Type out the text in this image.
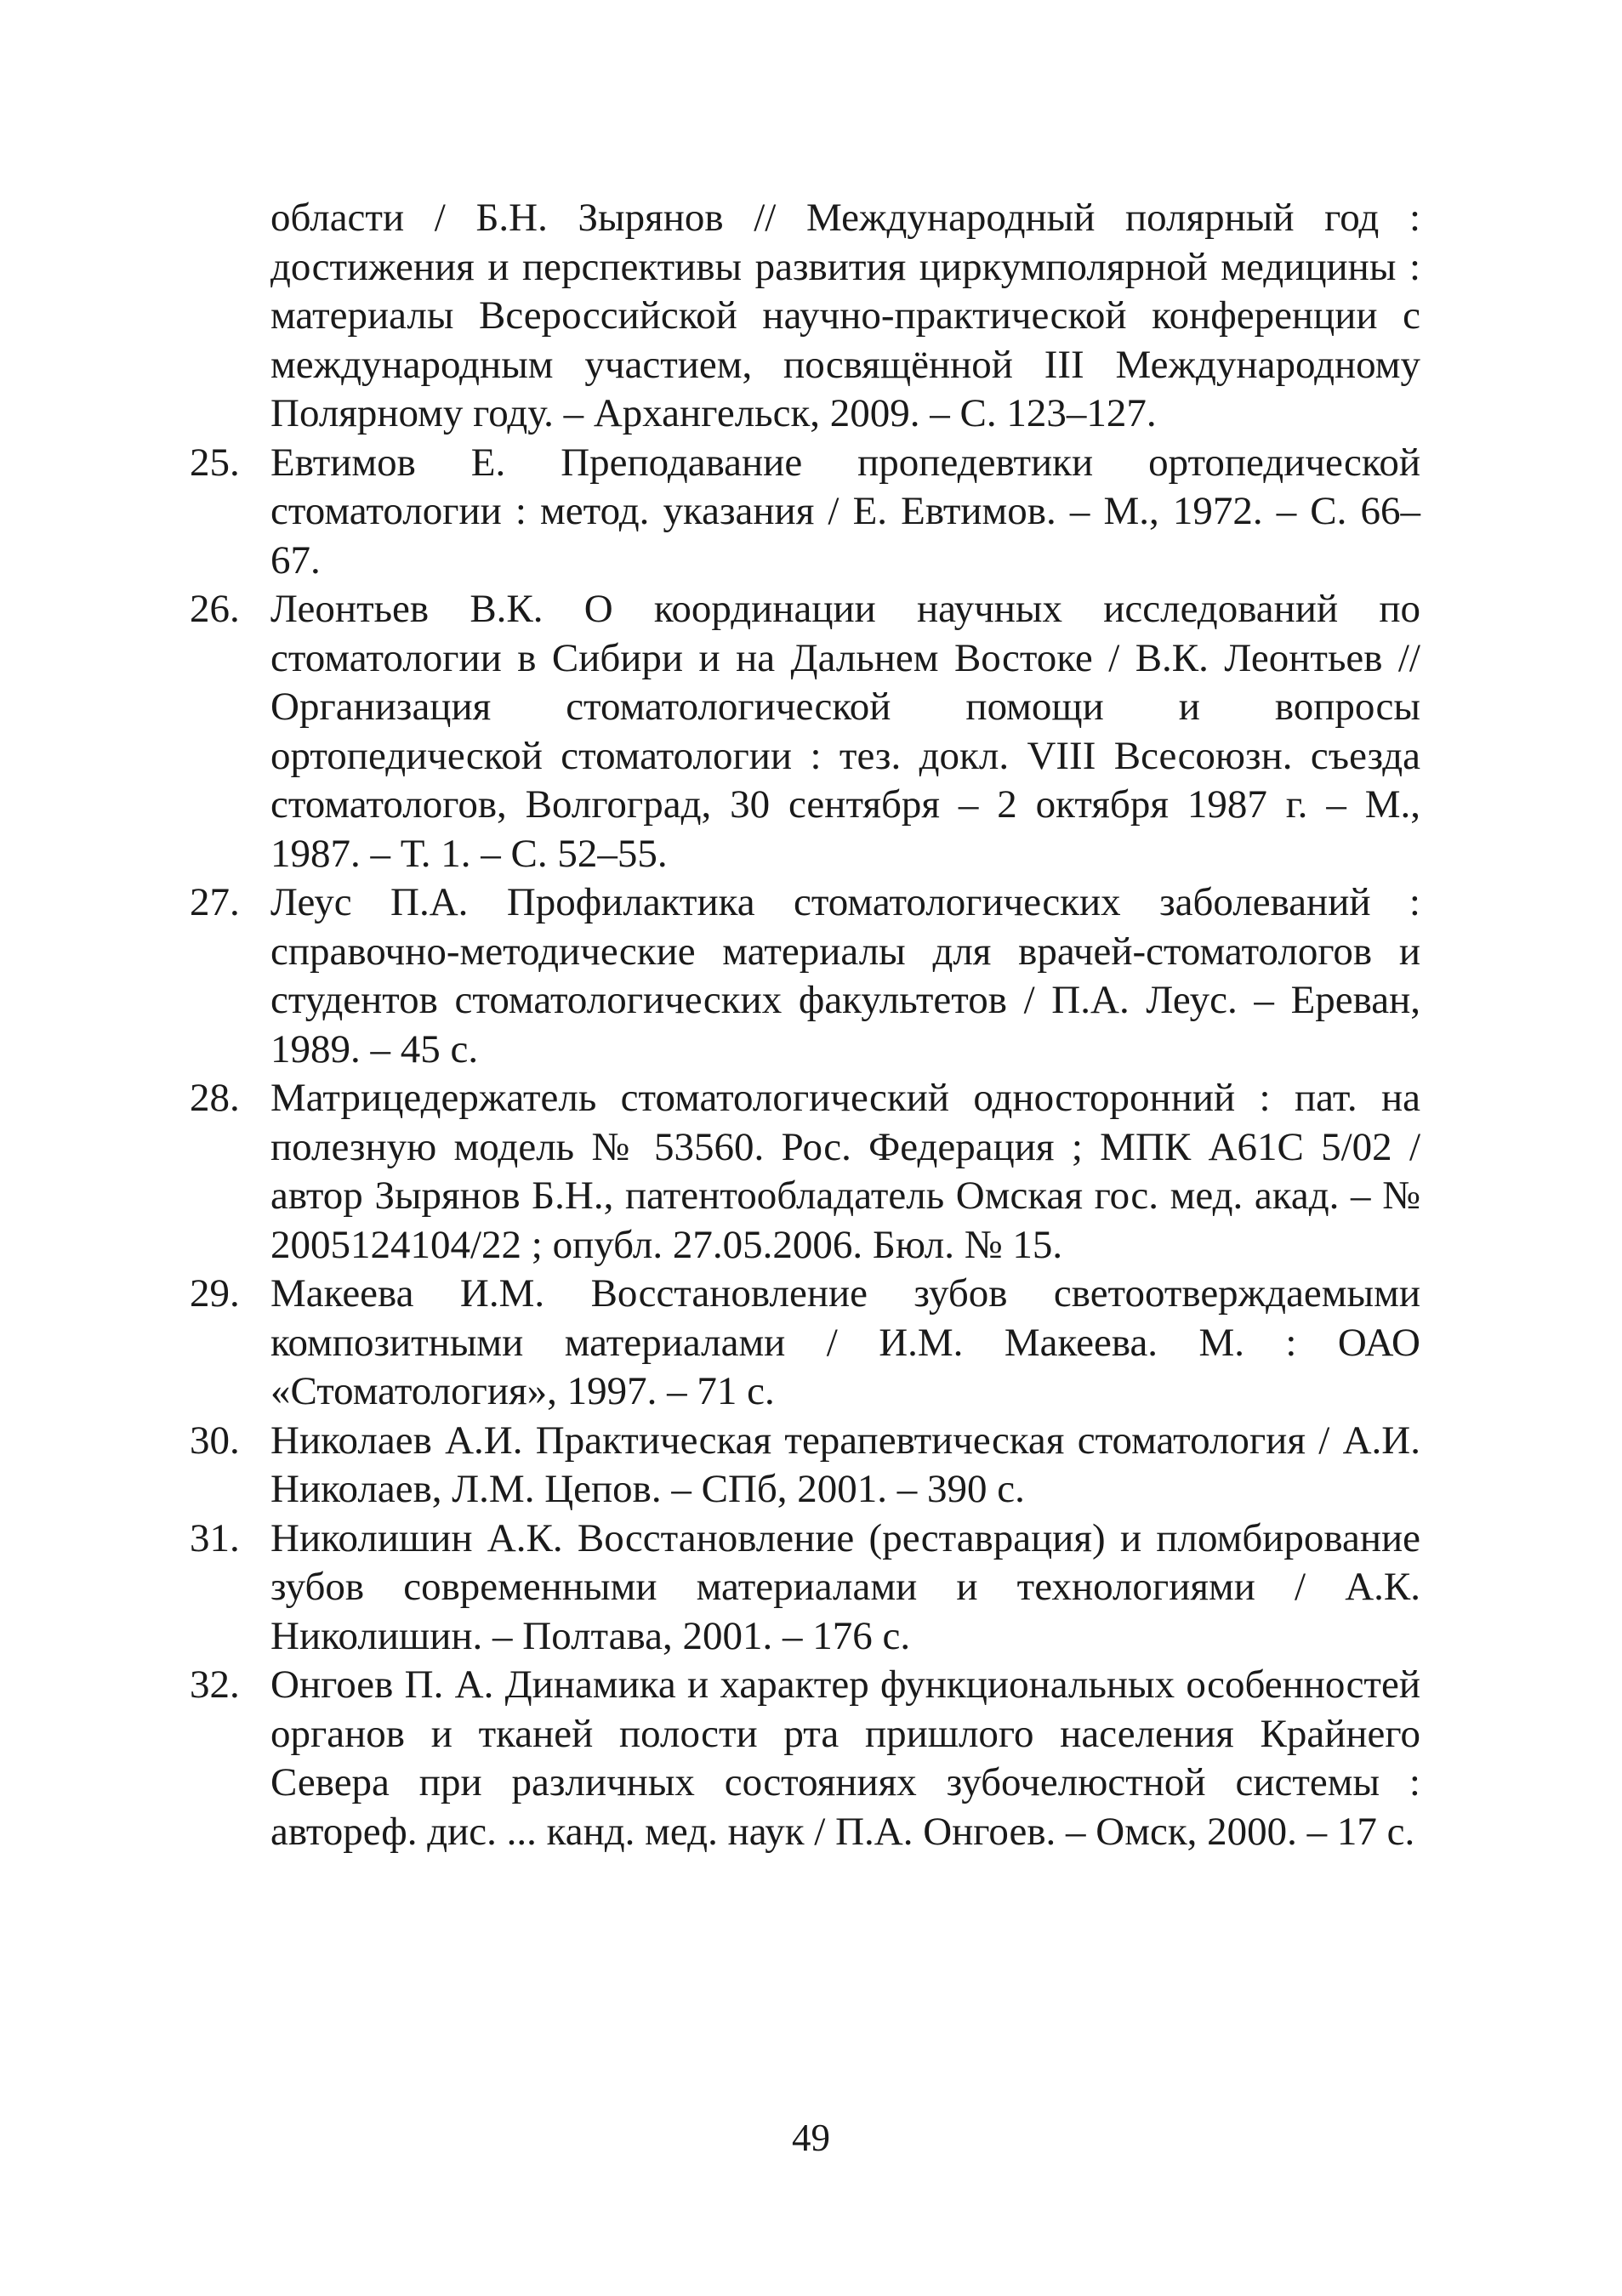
области / Б.Н. Зырянов // Международный полярный год : достижения и перспективы развития циркумполярной медицины : материалы Всероссийской научно-практической конференции с международным участием, посвящённой III Международному Полярному году. – Архангельск, 2009. – С. 123–127.
25. Евтимов Е. Преподавание пропедевтики ортопедической стоматологии : метод. указания / Е. Евтимов. – М., 1972. – С. 66–67.
26. Леонтьев В.К. О координации научных исследований по стоматологии в Сибири и на Дальнем Востоке / В.К. Леонтьев // Организация стоматологической помощи и вопросы ортопедической стоматологии : тез. докл. VIII Всесоюзн. съезда стоматологов, Волгоград, 30 сентября – 2 октября 1987 г. – М., 1987. – Т. 1. – С. 52–55.
27. Леус П.А. Профилактика стоматологических заболеваний : справочно-методические материалы для врачей-стоматологов и студентов стоматологических факультетов / П.А. Леус. – Ереван, 1989. – 45 с.
28. Матрицедержатель стоматологический односторонний : пат. на полезную модель № 53560. Рос. Федерация ; МПК А61С 5/02 / автор Зырянов Б.Н., патентообладатель Омская гос. мед. акад. – № 2005124104/22 ; опубл. 27.05.2006. Бюл. № 15.
29. Макеева И.М. Восстановление зубов светоотверждаемыми композитными материалами / И.М. Макеева. М. : ОАО «Стоматология», 1997. – 71 с.
30. Николаев А.И. Практическая терапевтическая стоматология / А.И. Николаев, Л.М. Цепов. – СПб, 2001. – 390 с.
31. Николишин А.К. Восстановление (реставрация) и пломбирование зубов современными материалами и технологиями / А.К. Николишин. – Полтава, 2001. – 176 с.
32. Онгоев П. А. Динамика и характер функциональных особенностей органов и тканей полости рта пришлого населения Крайнего Севера при различных состояниях зубочелюстной системы : автореф. дис. ... канд. мед. наук / П.А. Онгоев. – Омск, 2000. – 17 с.
49
